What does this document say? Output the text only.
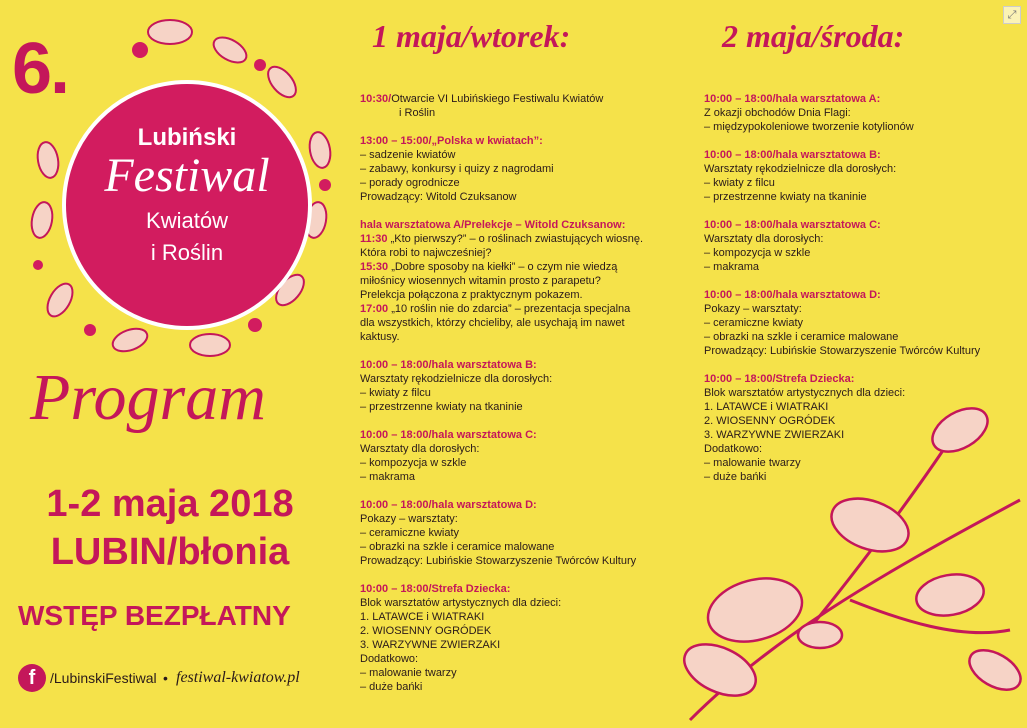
6.
Lubiński
Festiwal
Kwiatów
i Roślin
Program
1-2 maja 2018
LUBIN/błonia
WSTĘP BEZPŁATNY
f	/LubinskiFestiwal • festiwal-kwiatow.pl
1 maja/wtorek:
10:30/Otwarcie VI Lubińskiego Festiwalu Kwiatów
i Roślin
13:00 – 15:00/„Polska w kwiatach”:
– sadzenie kwiatów
– zabawy, konkursy i quizy z nagrodami
– porady ogrodnicze
Prowadzący: Witold Czuksanow
hala warsztatowa A/Prelekcje – Witold Czuksanow:
11:30 „Kto pierwszy?” – o roślinach zwiastujących wiosnę.
Która robi to najwcześniej?
15:30 „Dobre sposoby na kiełki” – o czym nie wiedzą
miłośnicy wiosennych witamin prosto z parapetu?
Prelekcja połączona z praktycznym pokazem.
17:00 „10 roślin nie do zdarcia” – prezentacja specjalna
dla wszystkich, którzy chcieliby, ale usychają im nawet
kaktusy.
10:00 – 18:00/hala warsztatowa B:
Warsztaty rękodzielnicze dla dorosłych:
– kwiaty z filcu
– przestrzenne kwiaty na tkaninie
10:00 – 18:00/hala warsztatowa C:
Warsztaty dla dorosłych:
– kompozycja w szkle
– makrama
10:00 – 18:00/hala warsztatowa D:
Pokazy – warsztaty:
– ceramiczne kwiaty
– obrazki na szkle i ceramice malowane
Prowadzący: Lubińskie Stowarzyszenie Twórców Kultury
10:00 – 18:00/Strefa Dziecka:
Blok warsztatów artystycznych dla dzieci:
1. LATAWCE i WIATRAKI
2. WIOSENNY OGRÓDEK
3. WARZYWNE ZWIERZAKI
Dodatkowo:
– malowanie twarzy
– duże bańki
2 maja/środa:
10:00 – 18:00/hala warsztatowa A:
Z okazji obchodów Dnia Flagi:
– międzypokoleniowe tworzenie kotylionów
10:00 – 18:00/hala warsztatowa B:
Warsztaty rękodzielnicze dla dorosłych:
– kwiaty z filcu
– przestrzenne kwiaty na tkaninie
10:00 – 18:00/hala warsztatowa C:
Warsztaty dla dorosłych:
– kompozycja w szkle
– makrama
10:00 – 18:00/hala warsztatowa D:
Pokazy – warsztaty:
– ceramiczne kwiaty
– obrazki na szkle i ceramice malowane
Prowadzący: Lubińskie Stowarzyszenie Twórców Kultury
10:00 – 18:00/Strefa Dziecka:
Blok warsztatów artystycznych dla dzieci:
1. LATAWCE i WIATRAKI
2. WIOSENNY OGRÓDEK
3. WARZYWNE ZWIERZAKI
Dodatkowo:
– malowanie twarzy
– duże bańki
⤢
